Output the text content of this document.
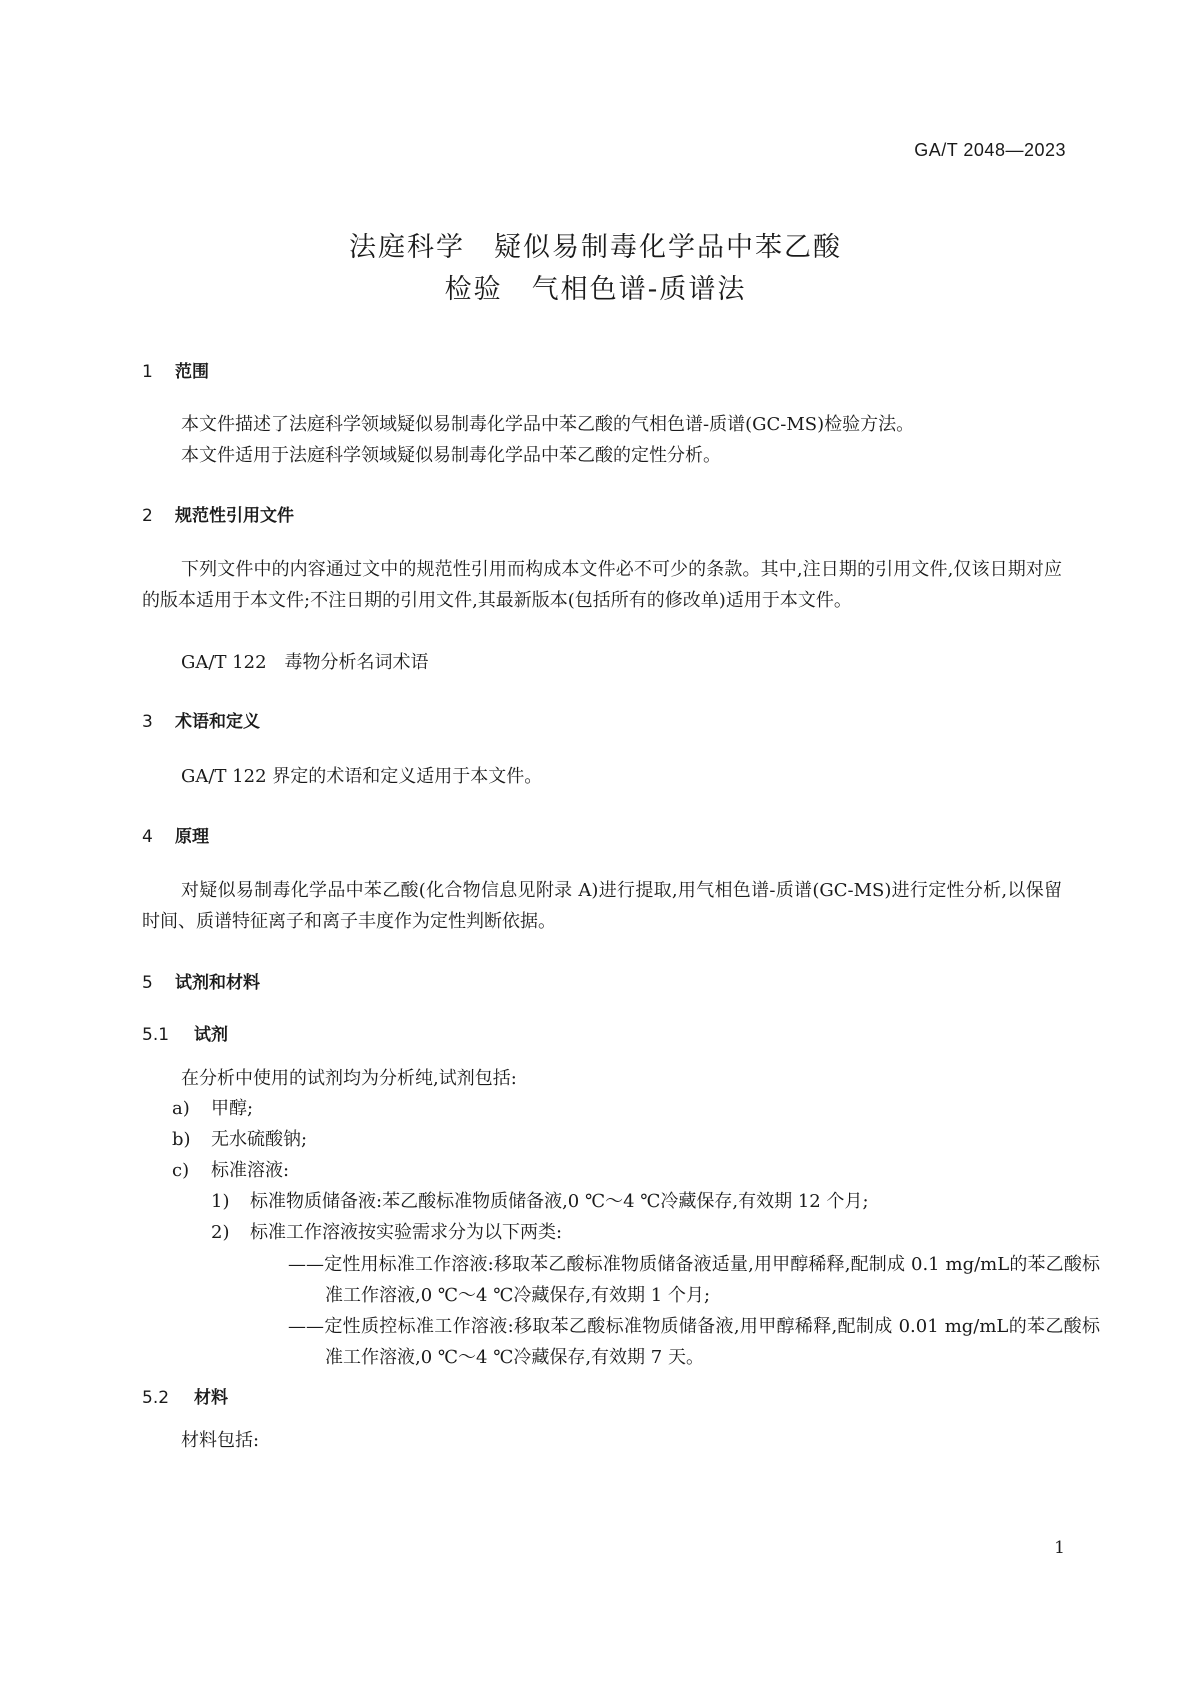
GA/T 2048—2023
法庭科学　疑似易制毒化学品中苯乙酸
检验　气相色谱-质谱法
1 范围
本文件描述了法庭科学领域疑似易制毒化学品中苯乙酸的气相色谱-质谱(GC-MS)检验方法。
本文件适用于法庭科学领域疑似易制毒化学品中苯乙酸的定性分析。
2 规范性引用文件
下列文件中的内容通过文中的规范性引用而构成本文件必不可少的条款。其中,注日期的引用文件,仅该日期对应的版本适用于本文件;不注日期的引用文件,其最新版本(包括所有的修改单)适用于本文件。
GA/T 122　毒物分析名词术语
3 术语和定义
GA/T 122 界定的术语和定义适用于本文件。
4 原理
对疑似易制毒化学品中苯乙酸(化合物信息见附录 A)进行提取,用气相色谱-质谱(GC-MS)进行定性分析,以保留时间、质谱特征离子和离子丰度作为定性判断依据。
5 试剂和材料
5.1 试剂
在分析中使用的试剂均为分析纯,试剂包括:
a) 甲醇;
b) 无水硫酸钠;
c) 标准溶液:
1) 标准物质储备液:苯乙酸标准物质储备液,0 ℃～4 ℃冷藏保存,有效期 12 个月;
2) 标准工作溶液按实验需求分为以下两类:
——定性用标准工作溶液:移取苯乙酸标准物质储备液适量,用甲醇稀释,配制成 0.1 mg/mL的苯乙酸标准工作溶液,0 ℃～4 ℃冷藏保存,有效期 1 个月;
——定性质控标准工作溶液:移取苯乙酸标准物质储备液,用甲醇稀释,配制成 0.01 mg/mL的苯乙酸标准工作溶液,0 ℃～4 ℃冷藏保存,有效期 7 天。
5.2 材料
材料包括:
1
